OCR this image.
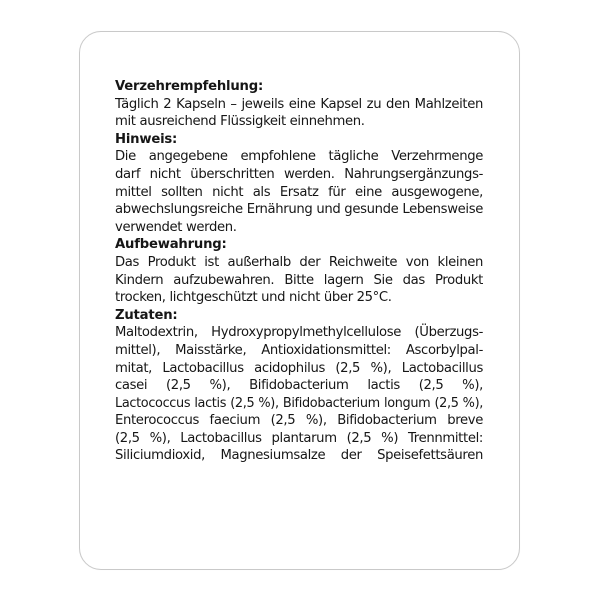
Verzehrempfehlung:
Täglich 2 Kapseln – jeweils eine Kapsel zu den Mahlzeiten
mit ausreichend Flüssigkeit einnehmen.
Hinweis:
Die angegebene empfohlene tägliche Verzehrmenge
darf nicht überschritten werden. Nahrungsergänzungs-
mittel sollten nicht als Ersatz für eine ausgewogene,
abwechslungsreiche Ernährung und gesunde Lebensweise
verwendet werden.
Aufbewahrung:
Das Produkt ist außerhalb der Reichweite von kleinen
Kindern aufzubewahren. Bitte lagern Sie das Produkt
trocken, lichtgeschützt und nicht über 25°C.
Zutaten:
Maltodextrin, Hydroxypropylmethylcellulose (Überzugs-
mittel), Maisstärke, Antioxidationsmittel: Ascorbylpal-
mitat, Lactobacillus acidophilus (2,5 %), Lactobacillus
casei (2,5 %), Bifidobacterium lactis (2,5 %),
Lactococcus lactis (2,5 %), Bifidobacterium longum (2,5 %),
Enterococcus faecium (2,5 %), Bifidobacterium breve
(2,5 %), Lactobacillus plantarum (2,5 %) Trennmittel:
Siliciumdioxid, Magnesiumsalze der Speisefettsäuren
